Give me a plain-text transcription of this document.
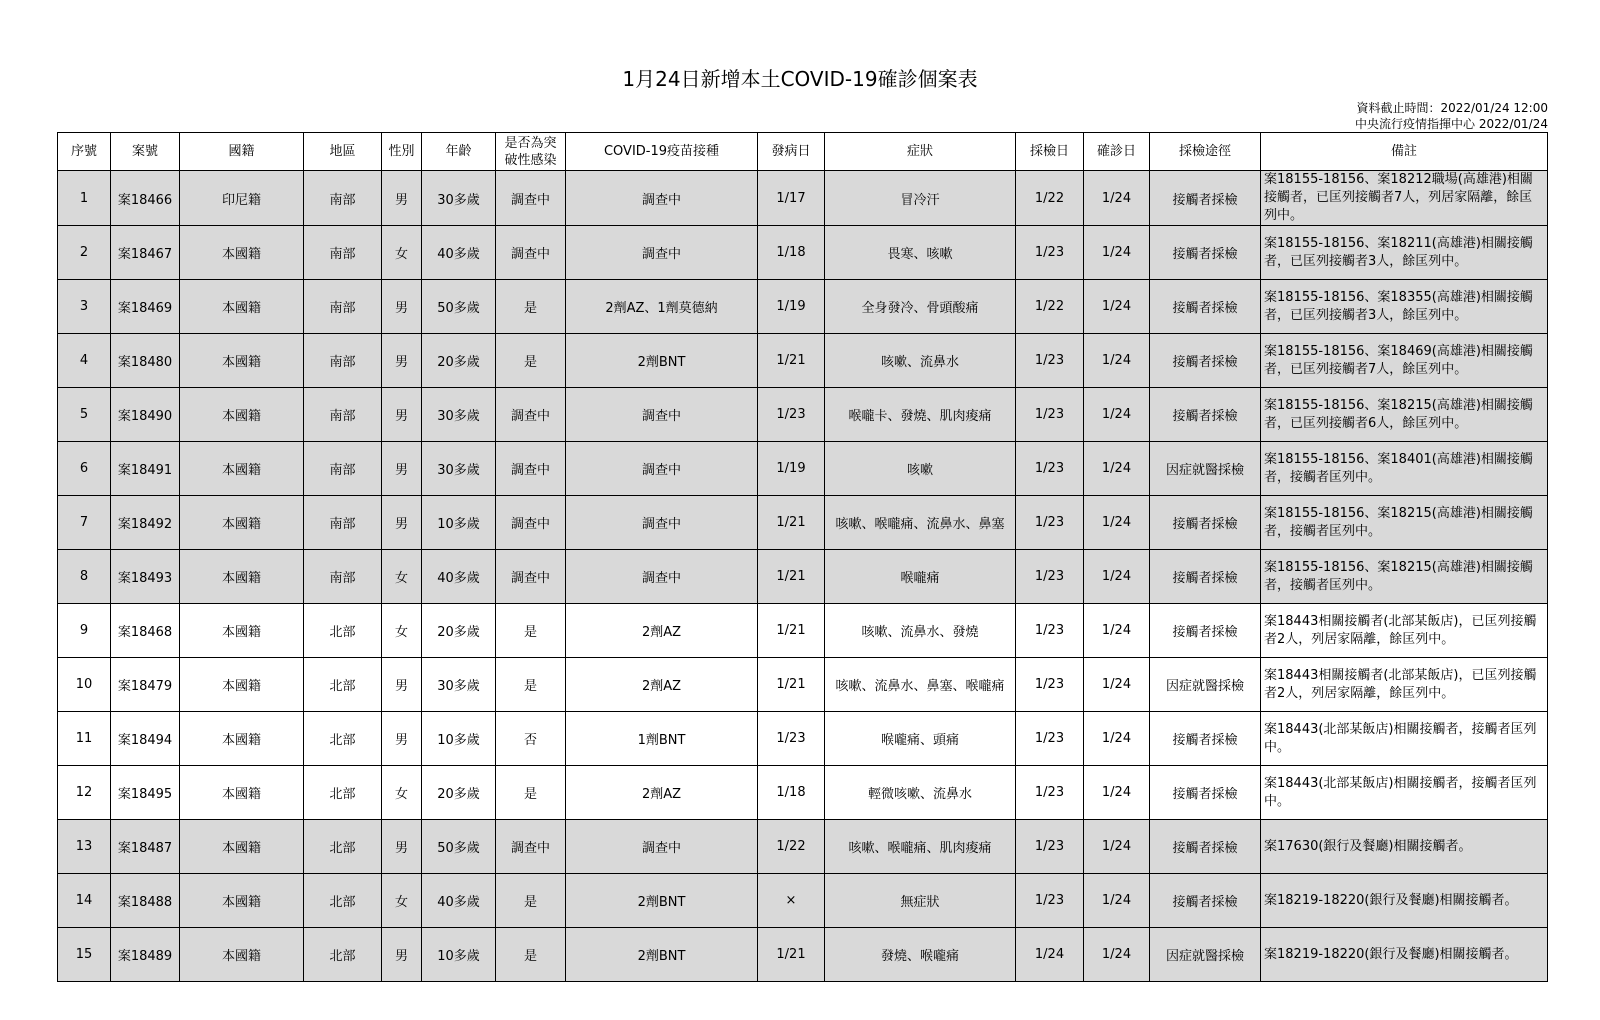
1月24日新增本土COVID-19確診個案表
資料截止時間：2022/01/24 12:00
中央流行疫情指揮中心 2022/01/24
序號	案號	國籍	地區	性別	年齡	是否為突
破性感染	COVID-19疫苗接種	發病日	症狀	採檢日	確診日	採檢途徑	備註
1	案18466	印尼籍	南部	男	30多歲	調查中	調查中	1/17	冒冷汗	1/22	1/24	接觸者採檢	案18155-18156、案18212職場(高雄港)相關接觸者，已匡列接觸者7人，列居家隔離，餘匡列中。
2	案18467	本國籍	南部	女	40多歲	調查中	調查中	1/18	畏寒、咳嗽	1/23	1/24	接觸者採檢	案18155-18156、案18211(高雄港)相關接觸者，已匡列接觸者3人，餘匡列中。
3	案18469	本國籍	南部	男	50多歲	是	2劑AZ、1劑莫德納	1/19	全身發冷、骨頭酸痛	1/22	1/24	接觸者採檢	案18155-18156、案18355(高雄港)相關接觸者，已匡列接觸者3人，餘匡列中。
4	案18480	本國籍	南部	男	20多歲	是	2劑BNT	1/21	咳嗽、流鼻水	1/23	1/24	接觸者採檢	案18155-18156、案18469(高雄港)相關接觸者，已匡列接觸者7人，餘匡列中。
5	案18490	本國籍	南部	男	30多歲	調查中	調查中	1/23	喉嚨卡、發燒、肌肉痠痛	1/23	1/24	接觸者採檢	案18155-18156、案18215(高雄港)相關接觸者，已匡列接觸者6人，餘匡列中。
6	案18491	本國籍	南部	男	30多歲	調查中	調查中	1/19	咳嗽	1/23	1/24	因症就醫採檢	案18155-18156、案18401(高雄港)相關接觸者，接觸者匡列中。
7	案18492	本國籍	南部	男	10多歲	調查中	調查中	1/21	咳嗽、喉嚨痛、流鼻水、鼻塞	1/23	1/24	接觸者採檢	案18155-18156、案18215(高雄港)相關接觸者，接觸者匡列中。
8	案18493	本國籍	南部	女	40多歲	調查中	調查中	1/21	喉嚨痛	1/23	1/24	接觸者採檢	案18155-18156、案18215(高雄港)相關接觸者，接觸者匡列中。
9	案18468	本國籍	北部	女	20多歲	是	2劑AZ	1/21	咳嗽、流鼻水、發燒	1/23	1/24	接觸者採檢	案18443相關接觸者(北部某飯店)，已匡列接觸者2人，列居家隔離，餘匡列中。
10	案18479	本國籍	北部	男	30多歲	是	2劑AZ	1/21	咳嗽、流鼻水、鼻塞、喉嚨痛	1/23	1/24	因症就醫採檢	案18443相關接觸者(北部某飯店)，已匡列接觸者2人，列居家隔離，餘匡列中。
11	案18494	本國籍	北部	男	10多歲	否	1劑BNT	1/23	喉嚨痛、頭痛	1/23	1/24	接觸者採檢	案18443(北部某飯店)相關接觸者，接觸者匡列中。
12	案18495	本國籍	北部	女	20多歲	是	2劑AZ	1/18	輕微咳嗽、流鼻水	1/23	1/24	接觸者採檢	案18443(北部某飯店)相關接觸者，接觸者匡列中。
13	案18487	本國籍	北部	男	50多歲	調查中	調查中	1/22	咳嗽、喉嚨痛、肌肉痠痛	1/23	1/24	接觸者採檢	案17630(銀行及餐廳)相關接觸者。
14	案18488	本國籍	北部	女	40多歲	是	2劑BNT	×	無症狀	1/23	1/24	接觸者採檢	案18219-18220(銀行及餐廳)相關接觸者。
15	案18489	本國籍	北部	男	10多歲	是	2劑BNT	1/21	發燒、喉嚨痛	1/24	1/24	因症就醫採檢	案18219-18220(銀行及餐廳)相關接觸者。
